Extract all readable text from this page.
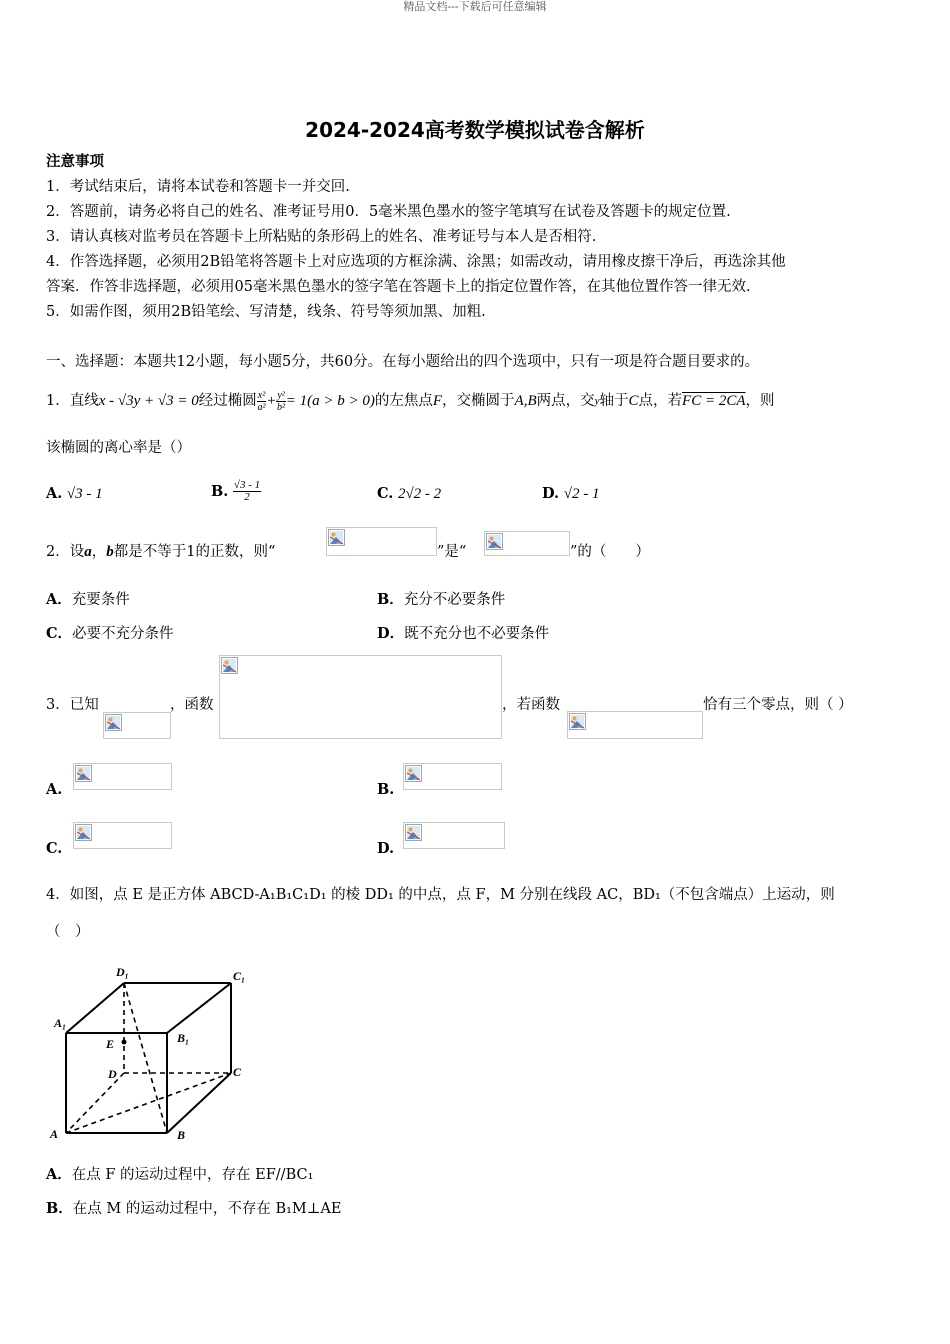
精品文档---下载后可任意编辑
2024-2024高考数学模拟试卷含解析
注意事项
1．考试结束后，请将本试卷和答题卡一并交回.
2．答题前，请务必将自己的姓名、准考证号用0．5毫米黑色墨水的签字笔填写在试卷及答题卡的规定位置.
3．请认真核对监考员在答题卡上所粘贴的条形码上的姓名、准考证号与本人是否相符.
4．作答选择题，必须用2B铅笔将答题卡上对应选项的方框涂满、涂黑；如需改动，请用橡皮擦干净后，再选涂其他
答案．作答非选择题，必须用05毫米黑色墨水的签字笔在答题卡上的指定位置作答，在其他位置作答一律无效.
5．如需作图，须用2B铅笔绘、写清楚，线条、符号等须加黑、加粗.
一、选择题：本题共12小题，每小题5分，共60分。在每小题给出的四个选项中，只有一项是符合题目要求的。
1．直线 x - √3y + √3 = 0 经过椭圆 $\frac{\text{x²}}{\text{a²}} + \frac{\text{y²}}{\text{b²}} = 1(a > b > 0)$ 的左焦点 F ，交椭圆于 A,B 两点，交 y 轴于 C 点，若 FC = 2CA ，则
该椭圆的离心率是（）
A. √3 - 1	B.
$\frac{√3 - 1}{2}$	C. 2√2 - 2	D. √2 - 1
2．设a，b都是不等于1的正数，则“	”是“	”的（　　）
A．充要条件	B．充分不必要条件
C．必要不充分条件	D．既不充分也不必要条件
3．已知	，函数	，若函数	恰有三个零点，则（ ）
A.	B.
C.	D.
4．如图，点 E 是正方体 ABCD-A₁B₁C₁D₁ 的棱 DD₁ 的中点，点 F，M 分别在线段 AC，BD₁（不包含端点）上运动，则
（　）
D₁	C₁
A₁
B₁
E
D	C
A	B
A．在点 F 的运动过程中，存在 EF//BC₁
B．在点 M 的运动过程中，不存在 B₁M⊥AE
